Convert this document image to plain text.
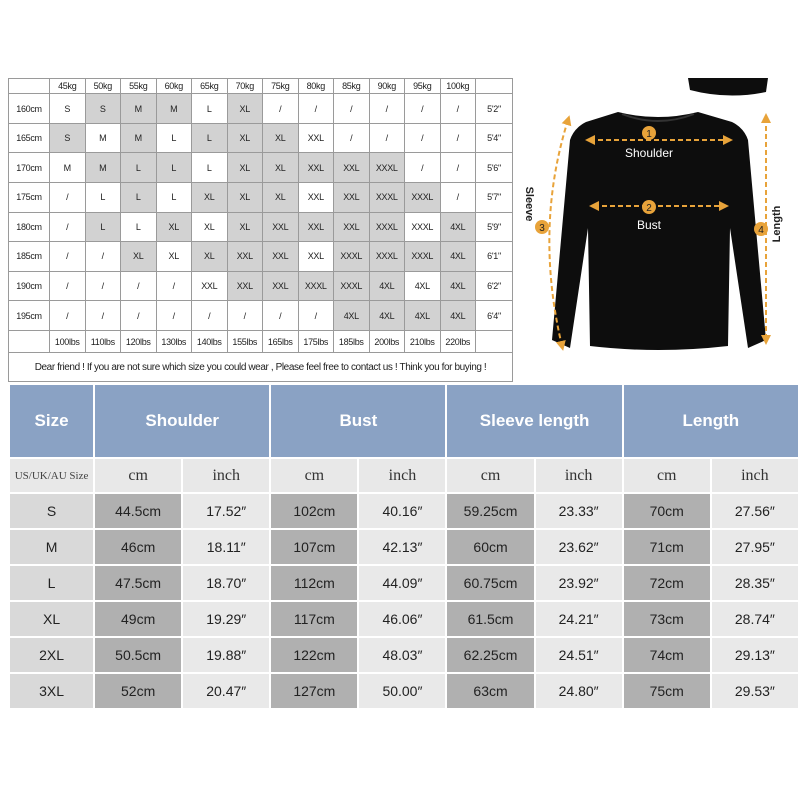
	45kg	50kg	55kg	60kg	65kg	70kg	75kg	80kg	85kg	90kg	95kg	100kg	
160cm	S	S	M	M	L	XL	/	/	/	/	/	/	5'2"
165cm	S	M	M	L	L	XL	XL	XXL	/	/	/	/	5'4"
170cm	M	M	L	L	L	XL	XL	XXL	XXL	XXXL	/	/	5'6"
175cm	/	L	L	L	XL	XL	XL	XXL	XXL	XXXL	XXXL	/	5'7"
180cm	/	L	L	XL	XL	XL	XXL	XXL	XXL	XXXL	XXXL	4XL	5'9"
185cm	/	/	XL	XL	XL	XXL	XXL	XXL	XXXL	XXXL	XXXL	4XL	6'1"
190cm	/	/	/	/	XXL	XXL	XXL	XXXL	XXXL	4XL	4XL	4XL	6'2"
195cm	/	/	/	/	/	/	/	/	4XL	4XL	4XL	4XL	6'4"
	100lbs	110lbs	120lbs	130lbs	140lbs	155lbs	165lbs	175lbs	185lbs	200lbs	210lbs	220lbs	
Dear friend ! If you are not sure which size you could wear , Please feel free to contact us ! Think you for buying !													
1
Shoulder
2
Bust
3
Sleeve
4 Length
Size	Shoulder		Bust		Sleeve length		Length	
US/UK/AU Size	cm	inch	cm	inch	cm	inch	cm	inch
S	44.5cm	17.52″	102cm	40.16″	59.25cm	23.33″	70cm	27.56″
M	46cm	18.11″	107cm	42.13″	60cm	23.62″	71cm	27.95″
L	47.5cm	18.70″	112cm	44.09″	60.75cm	23.92″	72cm	28.35″
XL	49cm	19.29″	117cm	46.06″	61.5cm	24.21″	73cm	28.74″
2XL	50.5cm	19.88″	122cm	48.03″	62.25cm	24.51″	74cm	29.13″
3XL	52cm	20.47″	127cm	50.00″	63cm	24.80″	75cm	29.53″
